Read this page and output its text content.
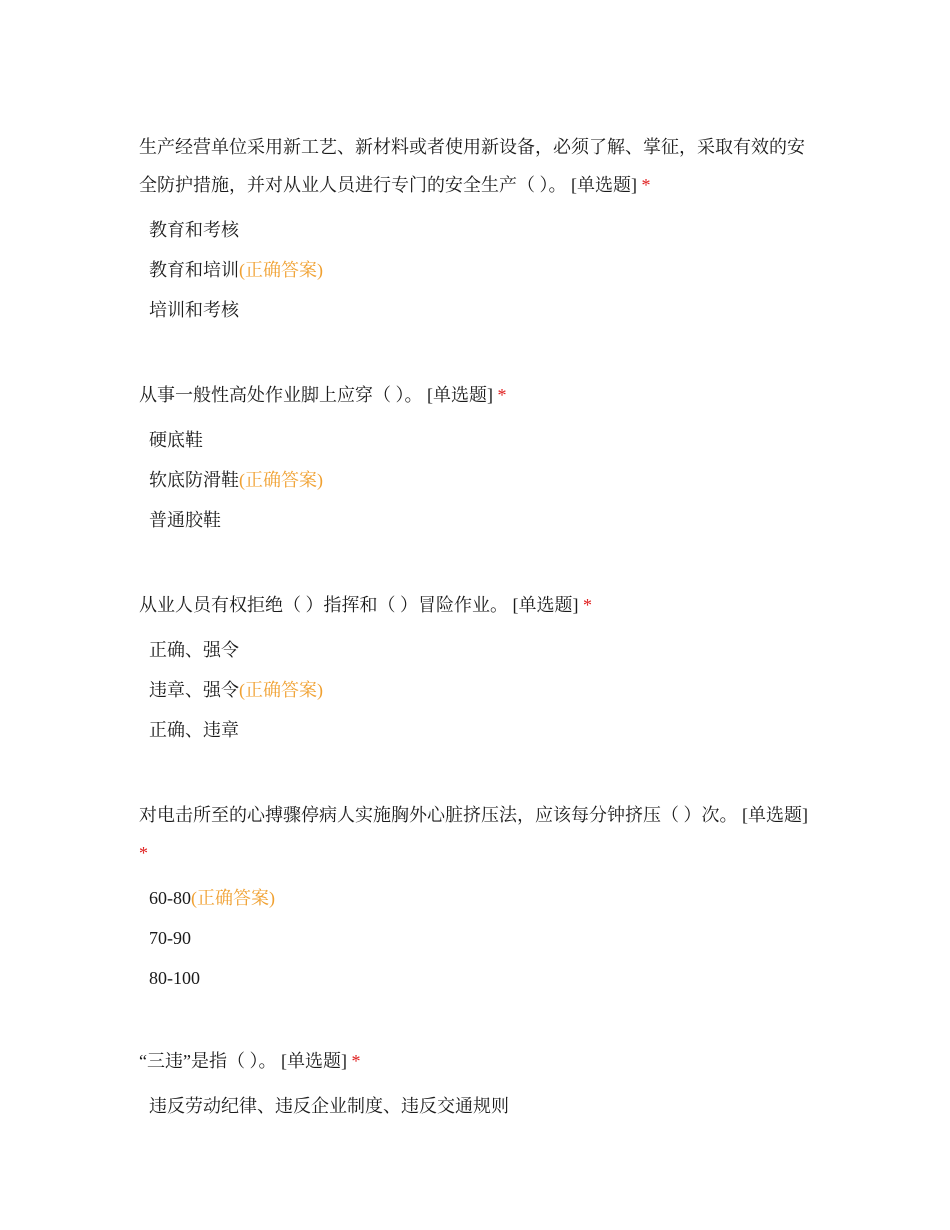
生产经营单位采用新工艺、新材料或者使用新设备，必须了解、掌征，采取有效的安全防护措施，并对从业人员进行专门的安全生产（ ）。 [单选题] *

教育和考核
教育和培训(正确答案)
培训和考核

从事一般性高处作业脚上应穿（ ）。 [单选题] *

硬底鞋
软底防滑鞋(正确答案)
普通胶鞋

从业人员有权拒绝（ ）指挥和（ ）冒险作业。 [单选题] *

正确、强令
违章、强令(正确答案)
正确、违章

对电击所至的心搏骤停病人实施胸外心脏挤压法，应该每分钟挤压（ ）次。 [单选题] *

60-80(正确答案)
70-90
80-100

“三违”是指（ ）。 [单选题] *

违反劳动纪律、违反企业制度、违反交通规则
